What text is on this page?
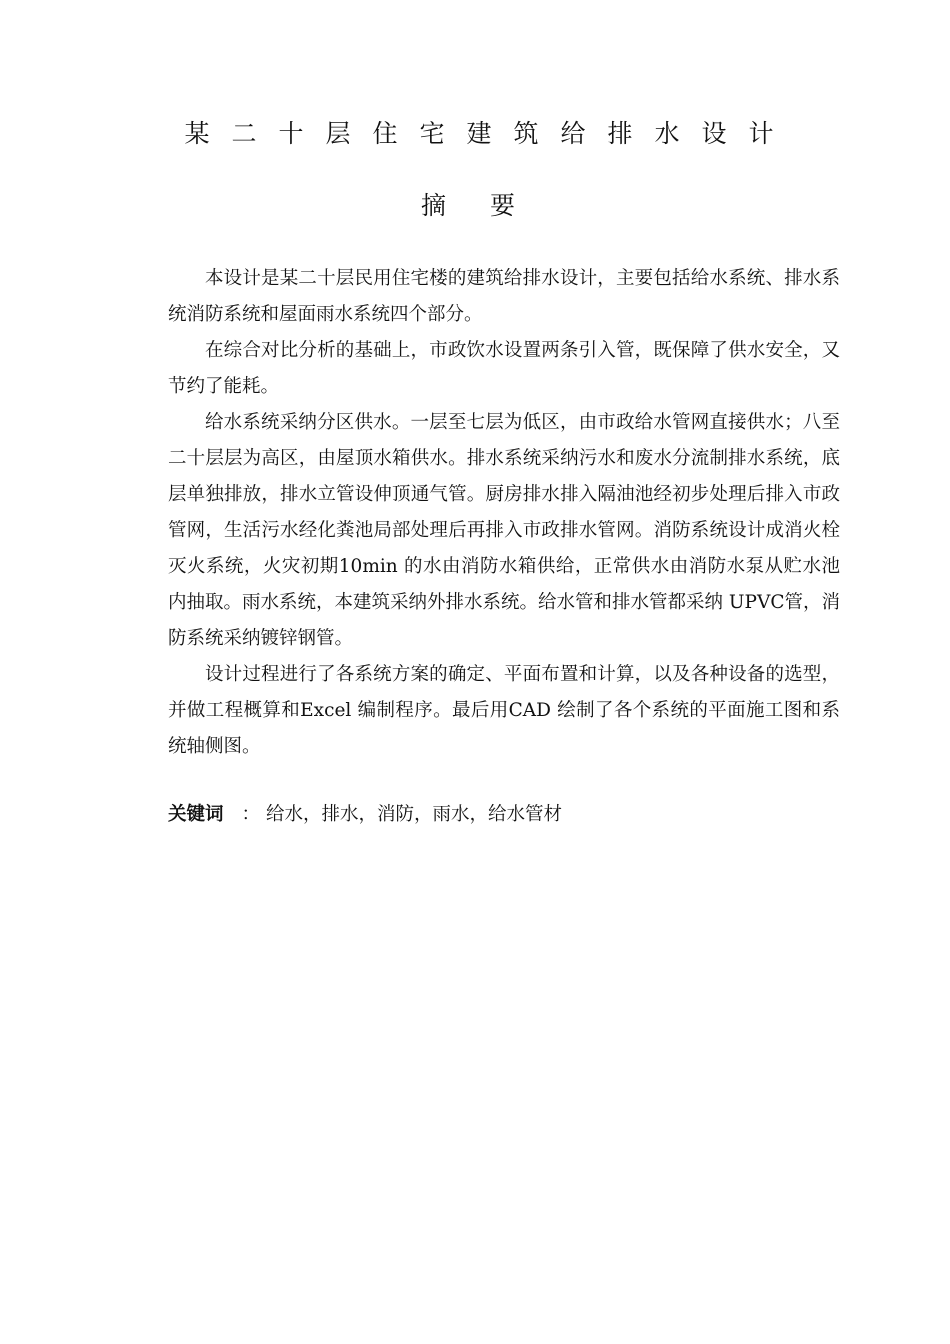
某二十层住宅建筑给排水设计
摘要

本设计是某二十层民用住宅楼的建筑给排水设计，主要包括给水系统、排水系统消防系统和屋面雨水系统四个部分。

在综合对比分析的基础上，市政饮水设置两条引入管，既保障了供水安全，又节约了能耗。

给水系统采纳分区供水。一层至七层为低区，由市政给水管网直接供水；八至二十层层为高区，由屋顶水箱供水。排水系统采纳污水和废水分流制排水系统，底层单独排放，排水立管设伸顶通气管。厨房排水排入隔油池经初步处理后排入市政管网，生活污水经化粪池局部处理后再排入市政排水管网。消防系统设计成消火栓灭火系统，火灾初期10min 的水由消防水箱供给，正常供水由消防水泵从贮水池内抽取。雨水系统，本建筑采纳外排水系统。给水管和排水管都采纳 UPVC管，消防系统采纳镀锌钢管。

设计过程进行了各系统方案的确定、平面布置和计算，以及各种设备的选型，并做工程概算和Excel 编制程序。最后用CAD 绘制了各个系统的平面施工图和系统轴侧图。

关键词 ： 给水，排水，消防，雨水，给水管材
